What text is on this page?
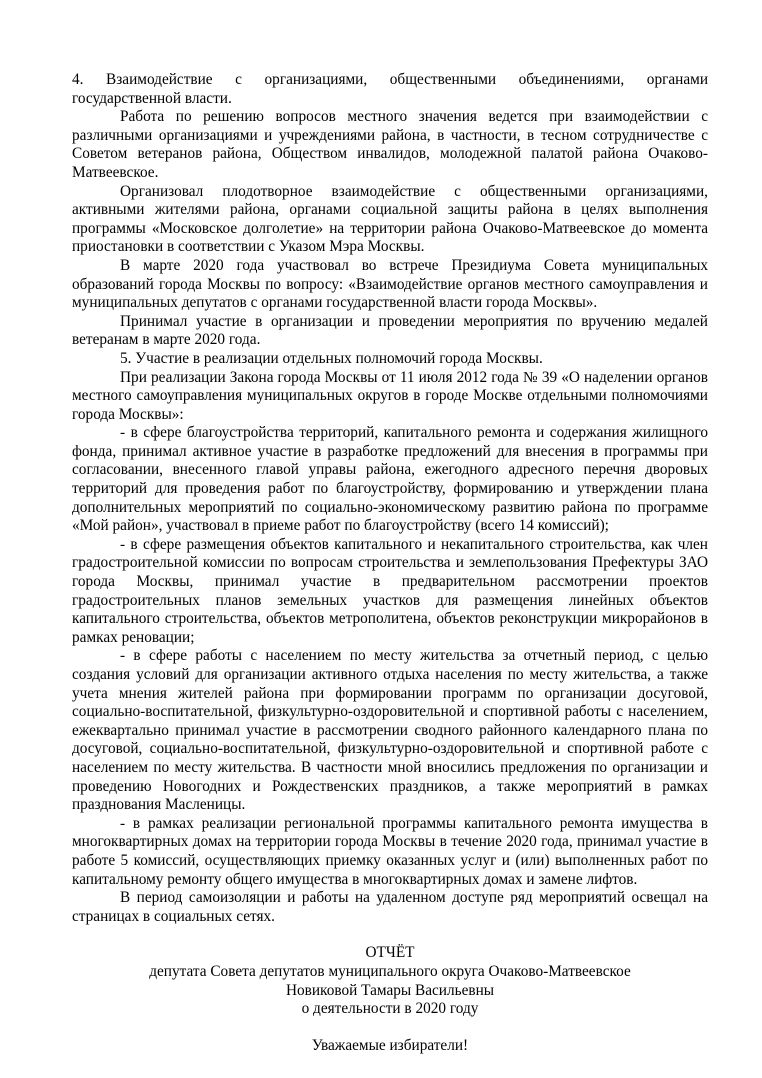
4. Взаимодействие с организациями, общественными объединениями, органами государственной власти.

Работа по решению вопросов местного значения ведется при взаимодействии с различными организациями и учреждениями района, в частности, в тесном сотрудничестве с Советом ветеранов района, Обществом инвалидов, молодежной палатой района Очаково-Матвеевское.

Организовал плодотворное взаимодействие с общественными организациями, активными жителями района, органами социальной защиты района в целях выполнения программы «Московское долголетие» на территории района Очаково-Матвеевское до момента приостановки в соответствии с Указом Мэра Москвы.

В марте 2020 года участвовал во встрече Президиума Совета муниципальных образований города Москвы по вопросу: «Взаимодействие органов местного самоуправления и муниципальных депутатов с органами государственной власти города Москвы».

Принимал участие в организации и проведении мероприятия по вручению медалей ветеранам в марте 2020 года.

5. Участие в реализации отдельных полномочий города Москвы.

При реализации Закона города Москвы от 11 июля 2012 года № 39 «О наделении органов местного самоуправления муниципальных округов в городе Москве отдельными полномочиями города Москвы»:

- в сфере благоустройства территорий, капитального ремонта и содержания жилищного фонда, принимал активное участие в разработке предложений для внесения в программы при согласовании, внесенного главой управы района, ежегодного адресного перечня дворовых территорий для проведения работ по благоустройству, формированию и утверждении плана дополнительных мероприятий по социально-экономическому развитию района по программе «Мой район», участвовал в приеме работ по благоустройству (всего 14 комиссий);

- в сфере размещения объектов капитального и некапитального строительства, как член градостроительной комиссии по вопросам строительства и землепользования Префектуры ЗАО города Москвы, принимал участие в предварительном рассмотрении проектов градостроительных планов земельных участков для размещения линейных объектов капитального строительства, объектов метрополитена, объектов реконструкции микрорайонов в рамках реновации;

- в сфере работы с населением по месту жительства за отчетный период, с целью создания условий для организации активного отдыха населения по месту жительства, а также учета мнения жителей района при формировании программ по организации досуговой, социально-воспитательной, физкультурно-оздоровительной и спортивной работы с населением, ежеквартально принимал участие в рассмотрении сводного районного календарного плана по досуговой, социально-воспитательной, физкультурно-оздоровительной и спортивной работе с населением по месту жительства. В частности мной вносились предложения по организации и проведению Новогодних и Рождественских праздников, а также мероприятий в рамках празднования Масленицы.

- в рамках реализации региональной программы капитального ремонта имущества в многоквартирных домах на территории города Москвы в течение 2020 года, принимал участие в работе 5 комиссий, осуществляющих приемку оказанных услуг и (или) выполненных работ по капитальному ремонту общего имущества в многоквартирных домах и замене лифтов.

В период самоизоляции и работы на удаленном доступе ряд мероприятий освещал на страницах в социальных сетях.

ОТЧЁТ

депутата Совета депутатов муниципального округа Очаково-Матвеевское

Новиковой Тамары Васильевны

о деятельности в 2020 году

Уважаемые избиратели!
